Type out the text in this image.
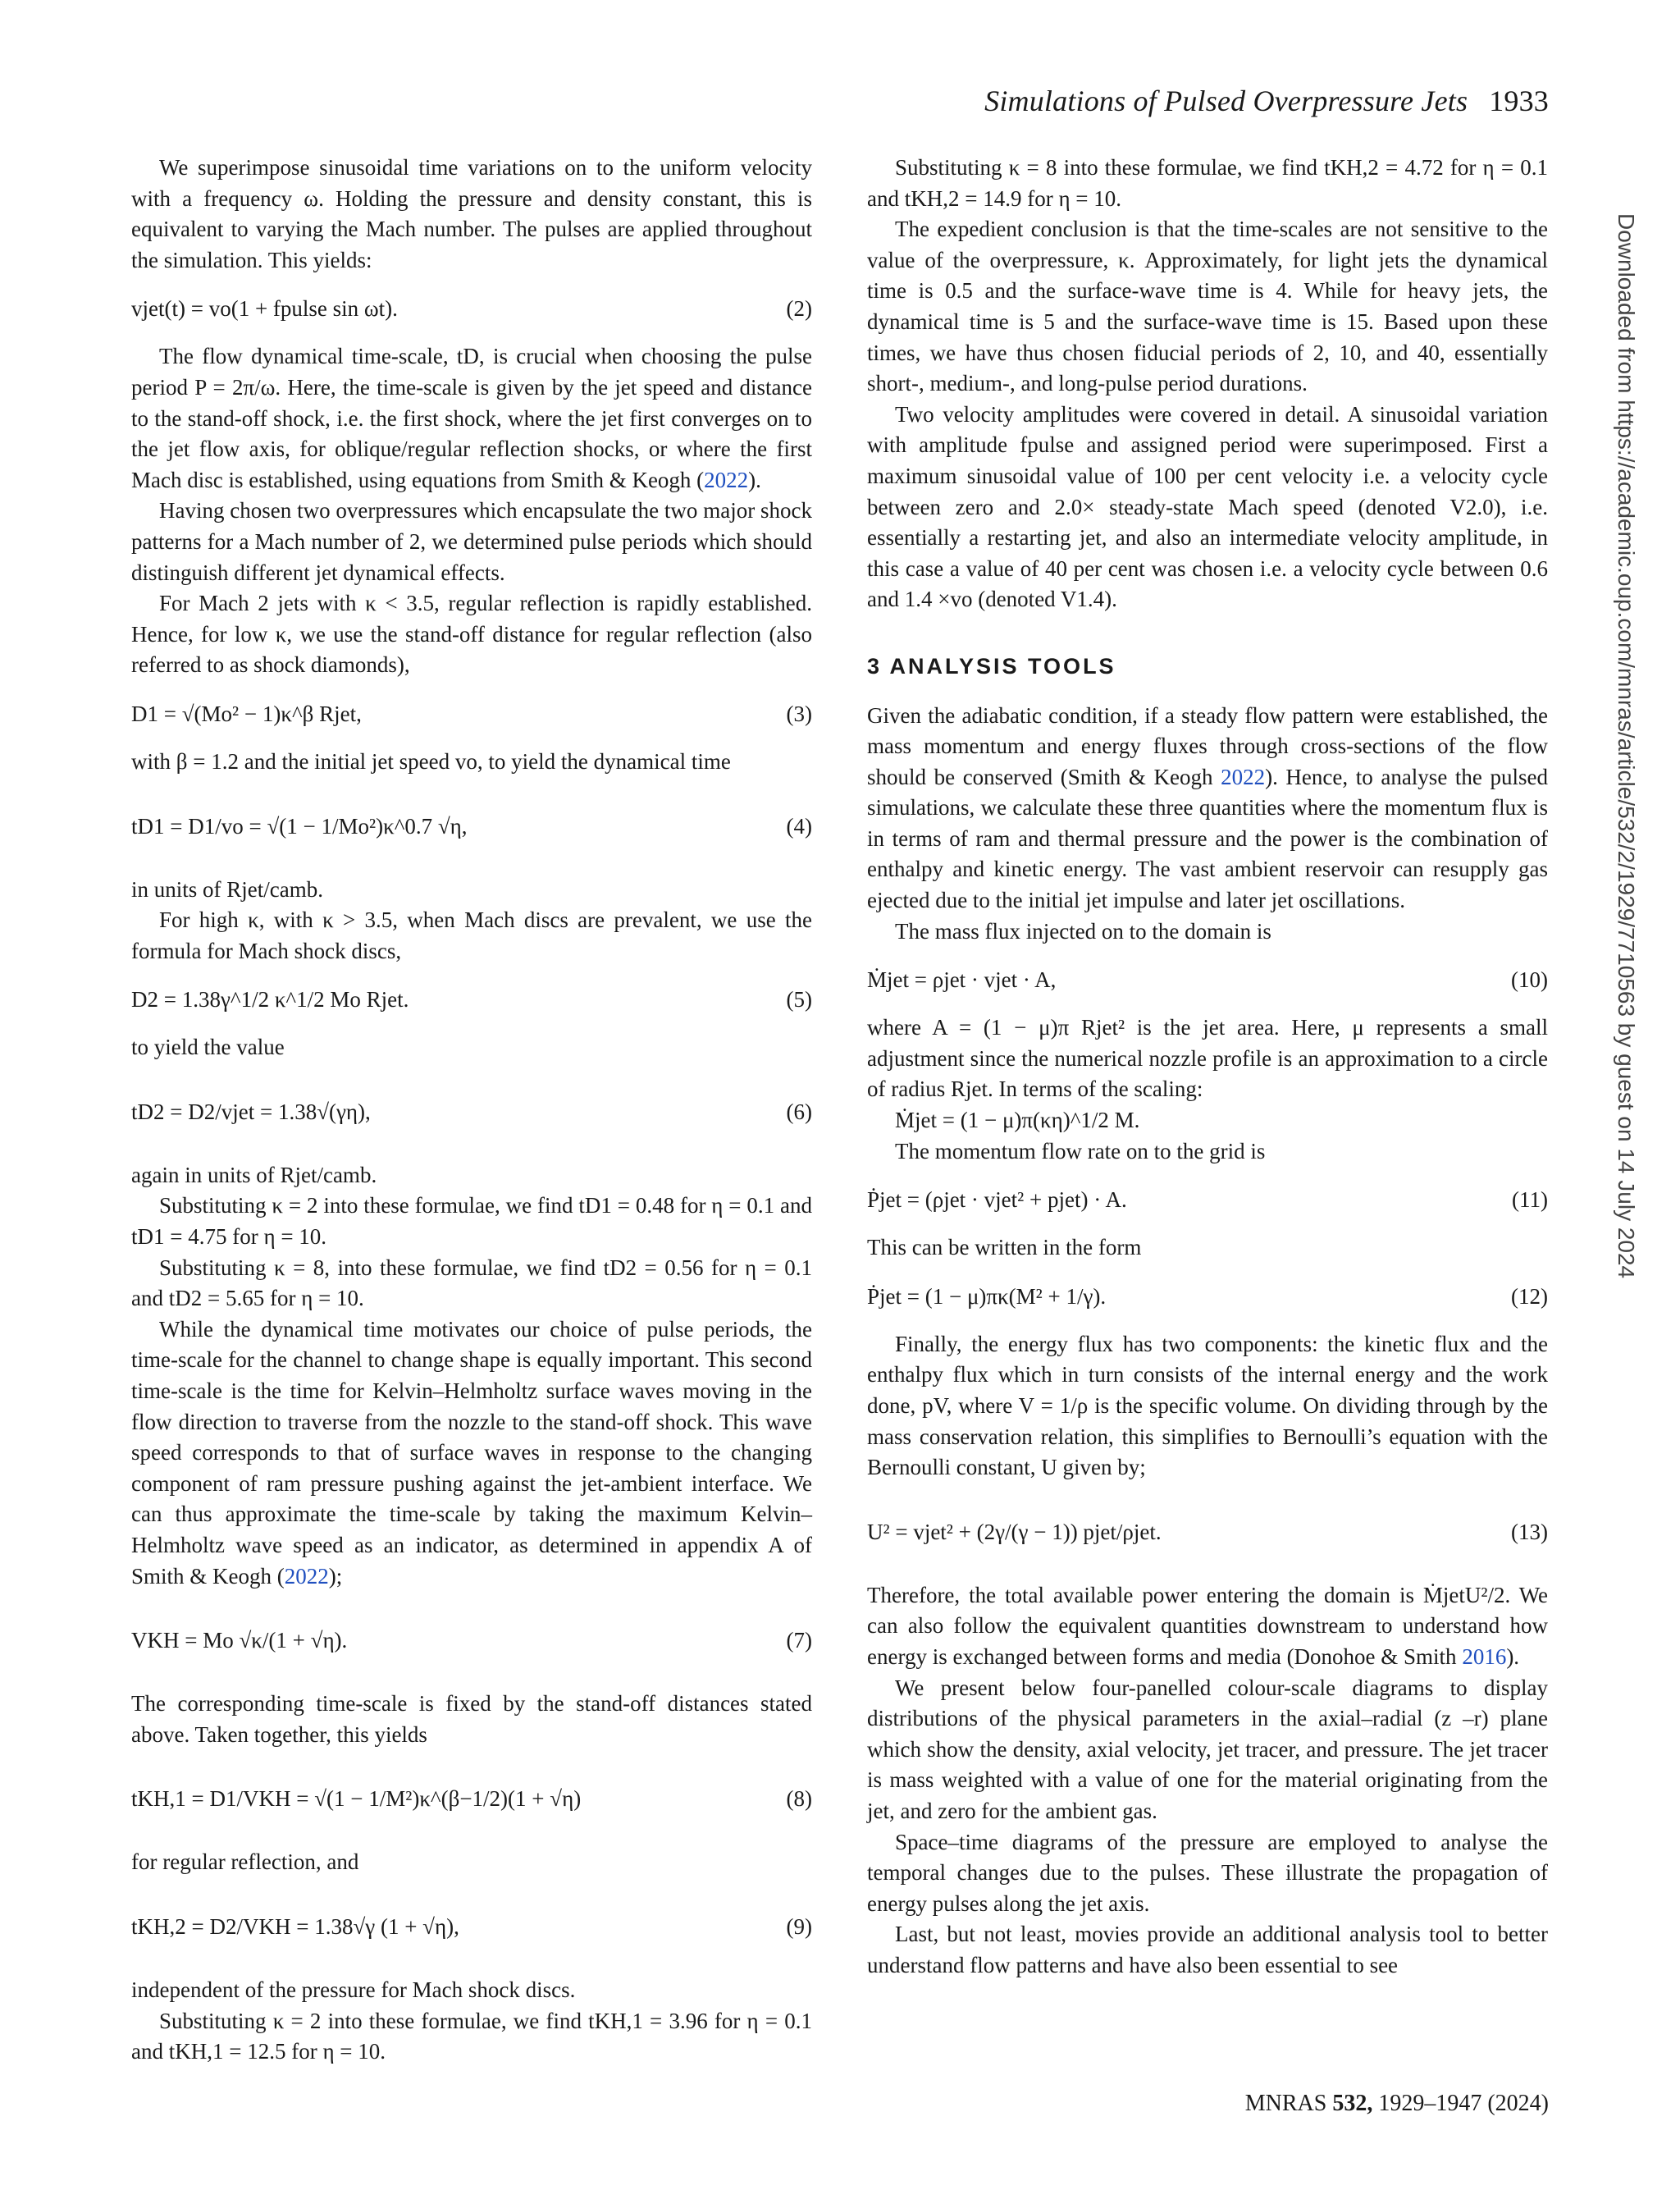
Simulations of Pulsed Overpressure Jets 1933

We superimpose sinusoidal time variations on to the uniform velocity with a frequency ω. Holding the pressure and density constant, this is equivalent to varying the Mach number. The pulses are applied throughout the simulation. This yields:

vjet(t) = vo(1 + fpulse sin ωt).	(2)

The flow dynamical time-scale, tD, is crucial when choosing the pulse period P = 2π/ω. Here, the time-scale is given by the jet speed and distance to the stand-off shock, i.e. the first shock, where the jet first converges on to the jet flow axis, for oblique/regular reflection shocks, or where the first Mach disc is established, using equations from Smith & Keogh (2022).

Having chosen two overpressures which encapsulate the two major shock patterns for a Mach number of 2, we determined pulse periods which should distinguish different jet dynamical effects.

For Mach 2 jets with κ < 3.5, regular reflection is rapidly established. Hence, for low κ, we use the stand-off distance for regular reflection (also referred to as shock diamonds),

D1 = √(Mo² − 1)κ^β Rjet,	(3)

with β = 1.2 and the initial jet speed vo, to yield the dynamical time

tD1 = D1/vo = √(1 − 1/Mo²)κ^0.7 √η,	(4)

in units of Rjet/camb.

For high κ, with κ > 3.5, when Mach discs are prevalent, we use the formula for Mach shock discs,

D2 = 1.38γ^1/2 κ^1/2 Mo Rjet.	(5)

to yield the value

tD2 = D2/vjet = 1.38√(γη),	(6)

again in units of Rjet/camb.

Substituting κ = 2 into these formulae, we find tD1 = 0.48 for η = 0.1 and tD1 = 4.75 for η = 10.

Substituting κ = 8, into these formulae, we find tD2 = 0.56 for η = 0.1 and tD2 = 5.65 for η = 10.

While the dynamical time motivates our choice of pulse periods, the time-scale for the channel to change shape is equally important. This second time-scale is the time for Kelvin–Helmholtz surface waves moving in the flow direction to traverse from the nozzle to the stand-off shock. This wave speed corresponds to that of surface waves in response to the changing component of ram pressure pushing against the jet-ambient interface. We can thus approximate the time-scale by taking the maximum Kelvin–Helmholtz wave speed as an indicator, as determined in appendix A of Smith & Keogh (2022);

VKH = Mo √κ/(1 + √η).	(7)

The corresponding time-scale is fixed by the stand-off distances stated above. Taken together, this yields

tKH,1 = D1/VKH = √(1 − 1/M²)κ^(β−1/2)(1 + √η)	(8)

for regular reflection, and

tKH,2 = D2/VKH = 1.38√γ (1 + √η),	(9)

independent of the pressure for Mach shock discs.

Substituting κ = 2 into these formulae, we find tKH,1 = 3.96 for η = 0.1 and tKH,1 = 12.5 for η = 10.

Substituting κ = 8 into these formulae, we find tKH,2 = 4.72 for η = 0.1 and tKH,2 = 14.9 for η = 10.

The expedient conclusion is that the time-scales are not sensitive to the value of the overpressure, κ. Approximately, for light jets the dynamical time is 0.5 and the surface-wave time is 4. While for heavy jets, the dynamical time is 5 and the surface-wave time is 15. Based upon these times, we have thus chosen fiducial periods of 2, 10, and 40, essentially short-, medium-, and long-pulse period durations.

Two velocity amplitudes were covered in detail. A sinusoidal variation with amplitude fpulse and assigned period were superimposed. First a maximum sinusoidal value of 100 per cent velocity i.e. a velocity cycle between zero and 2.0× steady-state Mach speed (denoted V2.0), i.e. essentially a restarting jet, and also an intermediate velocity amplitude, in this case a value of 40 per cent was chosen i.e. a velocity cycle between 0.6 and 1.4 ×vo (denoted V1.4).

3 ANALYSIS TOOLS

Given the adiabatic condition, if a steady flow pattern were established, the mass momentum and energy fluxes through cross-sections of the flow should be conserved (Smith & Keogh 2022). Hence, to analyse the pulsed simulations, we calculate these three quantities where the momentum flux is in terms of ram and thermal pressure and the power is the combination of enthalpy and kinetic energy. The vast ambient reservoir can resupply gas ejected due to the initial jet impulse and later jet oscillations.

The mass flux injected on to the domain is

Ṁjet = ρjet · vjet · A,	(10)

where A = (1 − μ)π Rjet² is the jet area. Here, μ represents a small adjustment since the numerical nozzle profile is an approximation to a circle of radius Rjet. In terms of the scaling:

Ṁjet = (1 − μ)π(κη)^1/2 M.

The momentum flow rate on to the grid is

Ṗjet = (ρjet · vjet² + pjet) · A.	(11)

This can be written in the form

Ṗjet = (1 − μ)πκ(M² + 1/γ).	(12)

Finally, the energy flux has two components: the kinetic flux and the enthalpy flux which in turn consists of the internal energy and the work done, pV, where V = 1/ρ is the specific volume. On dividing through by the mass conservation relation, this simplifies to Bernoulli’s equation with the Bernoulli constant, U given by;

U² = vjet² + (2γ/(γ − 1)) pjet/ρjet.	(13)

Therefore, the total available power entering the domain is ṀjetU²/2. We can also follow the equivalent quantities downstream to understand how energy is exchanged between forms and media (Donohoe & Smith 2016).

We present below four-panelled colour-scale diagrams to display distributions of the physical parameters in the axial–radial (z –r) plane which show the density, axial velocity, jet tracer, and pressure. The jet tracer is mass weighted with a value of one for the material originating from the jet, and zero for the ambient gas.

Space–time diagrams of the pressure are employed to analyse the temporal changes due to the pulses. These illustrate the propagation of energy pulses along the jet axis.

Last, but not least, movies provide an additional analysis tool to better understand flow patterns and have also been essential to see

Downloaded from https://academic.oup.com/mnras/article/532/2/1929/7710563 by guest on 14 July 2024
MNRAS 532, 1929–1947 (2024)
